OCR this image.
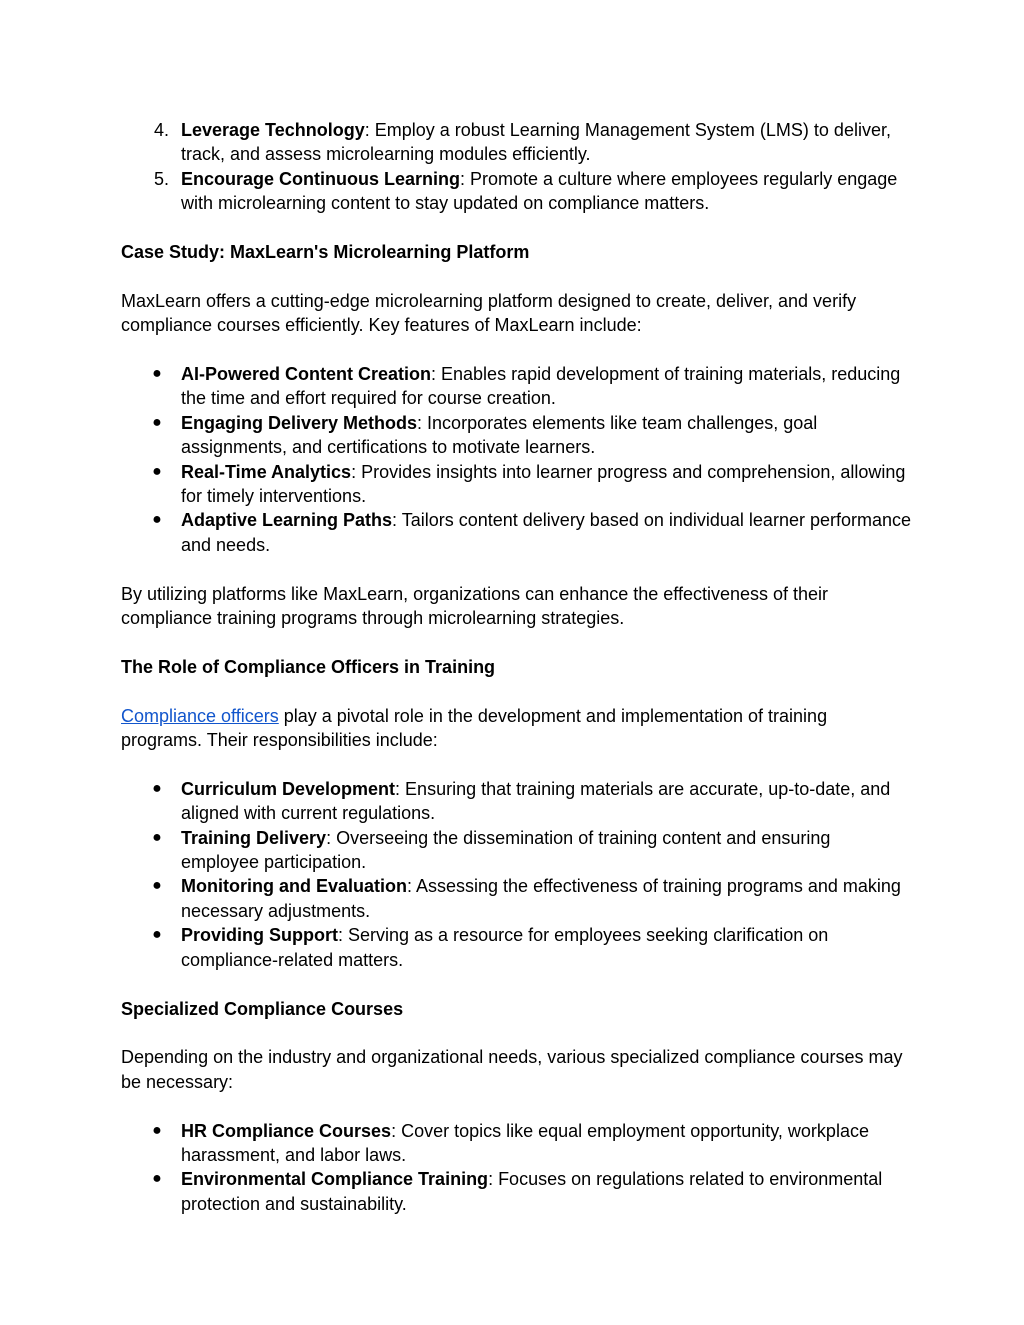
4. Leverage Technology: Employ a robust Learning Management System (LMS) to deliver, track, and assess microlearning modules efficiently.
5. Encourage Continuous Learning: Promote a culture where employees regularly engage with microlearning content to stay updated on compliance matters.

Case Study: MaxLearn's Microlearning Platform

MaxLearn offers a cutting-edge microlearning platform designed to create, deliver, and verify compliance courses efficiently. Key features of MaxLearn include:

● AI-Powered Content Creation: Enables rapid development of training materials, reducing the time and effort required for course creation.
● Engaging Delivery Methods: Incorporates elements like team challenges, goal assignments, and certifications to motivate learners.
● Real-Time Analytics: Provides insights into learner progress and comprehension, allowing for timely interventions.
● Adaptive Learning Paths: Tailors content delivery based on individual learner performance and needs.

By utilizing platforms like MaxLearn, organizations can enhance the effectiveness of their compliance training programs through microlearning strategies.

The Role of Compliance Officers in Training

Compliance officers play a pivotal role in the development and implementation of training programs. Their responsibilities include:

● Curriculum Development: Ensuring that training materials are accurate, up-to-date, and aligned with current regulations.
● Training Delivery: Overseeing the dissemination of training content and ensuring employee participation.
● Monitoring and Evaluation: Assessing the effectiveness of training programs and making necessary adjustments.
● Providing Support: Serving as a resource for employees seeking clarification on compliance-related matters.

Specialized Compliance Courses

Depending on the industry and organizational needs, various specialized compliance courses may be necessary:

● HR Compliance Courses: Cover topics like equal employment opportunity, workplace harassment, and labor laws.
● Environmental Compliance Training: Focuses on regulations related to environmental protection and sustainability.
